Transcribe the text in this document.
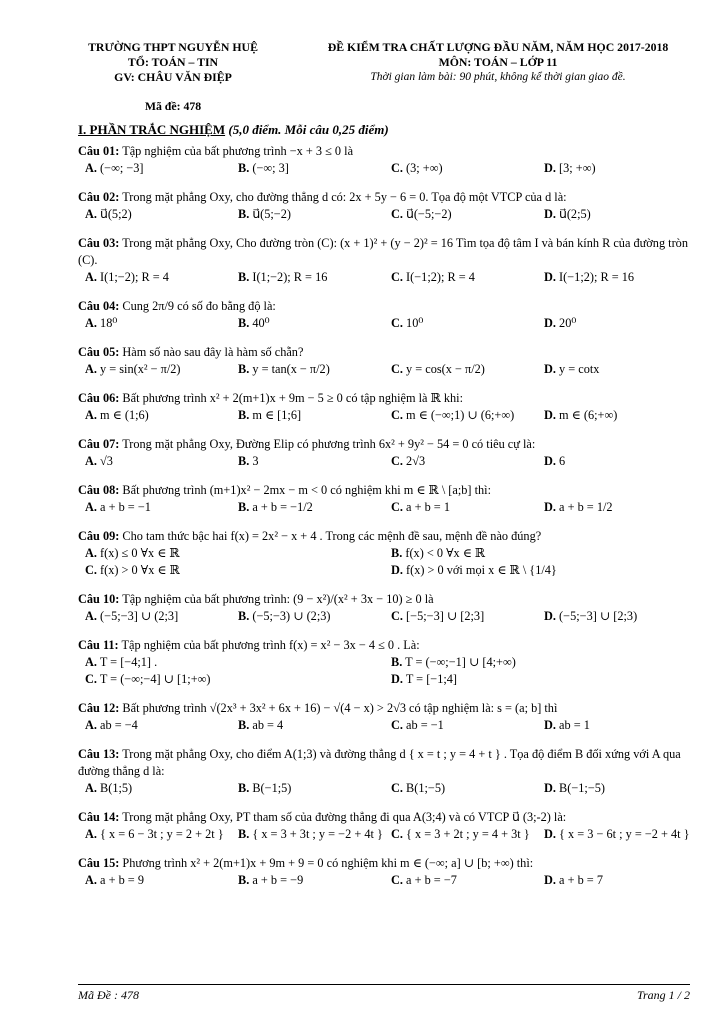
TRƯỜNG THPT NGUYỄN HUỆ
TỔ: TOÁN – TIN
GV: CHÂU VĂN ĐIỆP
Mã đề: 478
ĐỀ KIỂM TRA CHẤT LƯỢNG ĐẦU NĂM, NĂM HỌC 2017-2018
MÔN: TOÁN – LỚP 11
Thời gian làm bài: 90 phút, không kể thời gian giao đề.
I. PHẦN TRẮC NGHIỆM (5,0 điểm. Mỗi câu 0,25 điểm)
Câu 01: Tập nghiệm của bất phương trình −x + 3 ≤ 0 là
A. (−∞; −3]	B. (−∞; 3]	C. (3; +∞)	D. [3; +∞)
Câu 02: Trong mặt phẳng Oxy, cho đường thẳng d có: 2x + 5y − 6 = 0. Tọa độ một VTCP của d là:
A. u⃗(5;2)	B. u⃗(5;−2)	C. u⃗(−5;−2)	D. u⃗(2;5)
Câu 03: Trong mặt phẳng Oxy, Cho đường tròn (C): (x + 1)² + (y − 2)² = 16 Tìm tọa độ tâm I và bán kính R của đường tròn (C).
A. I(1;−2); R = 4	B. I(1;−2); R = 16	C. I(−1;2); R = 4	D. I(−1;2); R = 16
Câu 04: Cung 2π/9 có số đo bằng độ là:
A. 18⁰	B. 40⁰	C. 10⁰	D. 20⁰
Câu 05: Hàm số nào sau đây là hàm số chẵn?
A. y = sin(x² − π/2)	B. y = tan(x − π/2)	C. y = cos(x − π/2)	D. y = cotx
Câu 06: Bất phương trình x² + 2(m+1)x + 9m − 5 ≥ 0 có tập nghiệm là ℝ khi:
A. m ∈ (1;6)	B. m ∈ [1;6]	C. m ∈ (−∞;1) ∪ (6;+∞)	D. m ∈ (6;+∞)
Câu 07: Trong mặt phẳng Oxy, Đường Elip có phương trình 6x² + 9y² − 54 = 0 có tiêu cự là:
A. √3	B. 3	C. 2√3	D. 6
Câu 08: Bất phương trình (m+1)x² − 2mx − m < 0 có nghiệm khi m ∈ ℝ \ [a;b] thì:
A. a + b = −1	B. a + b = −1/2	C. a + b = 1	D. a + b = 1/2
Câu 09: Cho tam thức bậc hai f(x) = 2x² − x + 4 . Trong các mệnh đề sau, mệnh đề nào đúng?
A. f(x) ≤ 0 ∀x ∈ ℝ	B. f(x) < 0 ∀x ∈ ℝ
C. f(x) > 0 ∀x ∈ ℝ	D. f(x) > 0 với mọi x ∈ ℝ \ {1/4}
Câu 10: Tập nghiệm của bất phương trình: (9 − x²)/(x² + 3x − 10) ≥ 0 là
A. (−5;−3] ∪ (2;3]	B. (−5;−3) ∪ (2;3)	C. [−5;−3] ∪ [2;3]	D. (−5;−3] ∪ [2;3)
Câu 11: Tập nghiệm của bất phương trình f(x) = x² − 3x − 4 ≤ 0 . Là:
A. T = [−4;1] .	B. T = (−∞;−1] ∪ [4;+∞)
C. T = (−∞;−4] ∪ [1;+∞)	D. T = [−1;4]
Câu 12: Bất phương trình √(2x³ + 3x² + 6x + 16) − √(4 − x) > 2√3 có tập nghiệm là: s = (a; b] thì
A. ab = −4	B. ab = 4	C. ab = −1	D. ab = 1
Câu 13: Trong mặt phẳng Oxy, cho điểm A(1;3) và đường thẳng d { x = t ; y = 4 + t } . Tọa độ điểm B đối xứng với A qua đường thẳng d là:
A. B(1;5)	B. B(−1;5)	C. B(1;−5)	D. B(−1;−5)
Câu 14: Trong mặt phẳng Oxy, PT tham số của đường thẳng đi qua A(3;4) và có VTCP u⃗ (3;-2) là:
A. { x = 6 − 3t ; y = 2 + 2t }	B. { x = 3 + 3t ; y = −2 + 4t } C. { x = 3 + 2t ; y = 4 + 3t }	D. { x = 3 − 6t ; y = −2 + 4t }
Câu 15: Phương trình x² + 2(m+1)x + 9m + 9 = 0 có nghiệm khi m ∈ (−∞; a] ∪ [b; +∞) thì:
A. a + b = 9	B. a + b = −9	C. a + b = −7	D. a + b = 7
Mã Đề : 478	Trang 1 / 2
